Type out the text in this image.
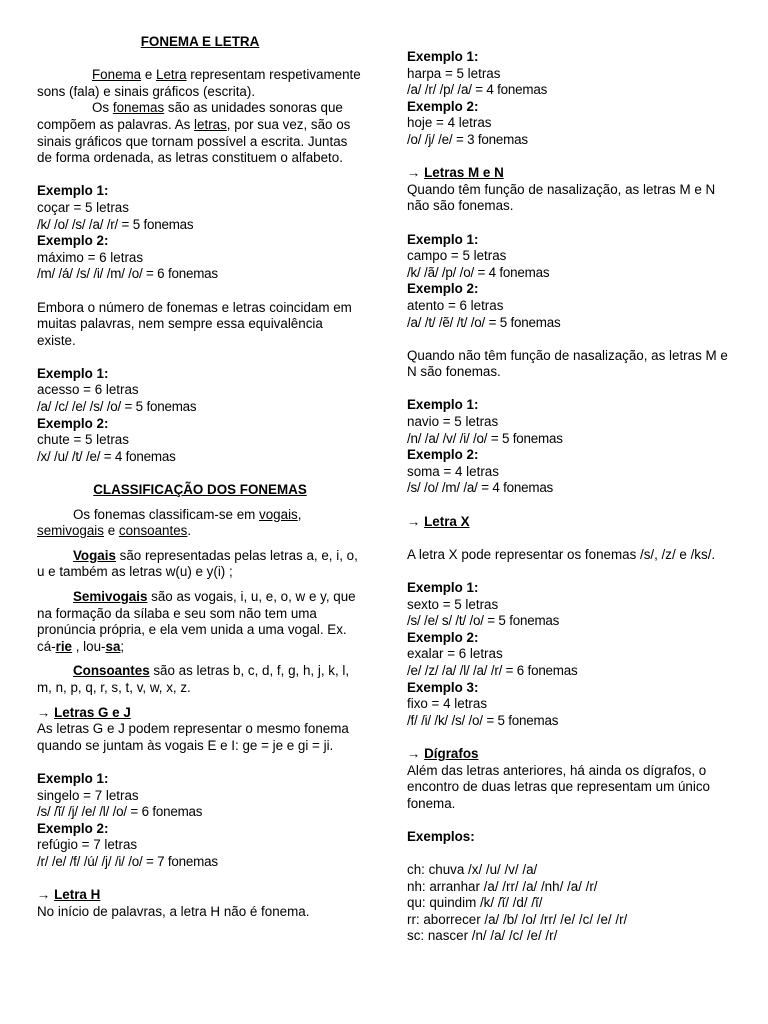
FONEMA E LETRA

Fonema e Letra representam respetivamente sons (fala) e sinais gráficos (escrita).

Os fonemas são as unidades sonoras que compõem as palavras. As letras, por sua vez, são os sinais gráficos que tornam possível a escrita. Juntas de forma ordenada, as letras constituem o alfabeto.

Exemplo 1:

coçar = 5 letras

/k/ /o/ /s/ /a/ /r/ = 5 fonemas

Exemplo 2:

máximo = 6 letras

/m/ /á/ /s/ /i/ /m/ /o/ = 6 fonemas

Embora o número de fonemas e letras coincidam em muitas palavras, nem sempre essa equivalência existe.

Exemplo 1:

acesso = 6 letras

/a/ /c/ /e/ /s/ /o/ = 5 fonemas

Exemplo 2:

chute = 5 letras

/x/ /u/ /t/ /e/ = 4 fonemas

CLASSIFICAÇÃO DOS FONEMAS

Os fonemas classificam-se em vogais, semivogais e consoantes.

Vogais são representadas pelas letras a, e, i, o, u e também as letras w(u) e y(i) ;

Semivogais são as vogais, i, u, e, o, w e y, que na formação da sílaba e seu som não tem uma pronúncia própria, e ela vem unida a uma vogal. Ex. cá-rie , lou-sa;

Consoantes são as letras b, c, d, f, g, h, j, k, l, m, n, p, q, r, s, t, v, w, x, z.

→ Letras G e J

As letras G e J podem representar o mesmo fonema quando se juntam às vogais E e I: ge = je e gi = ji.

Exemplo 1:

singelo = 7 letras

/s/ /ĩ/ /j/ /e/ /l/ /o/ = 6 fonemas

Exemplo 2:

refúgio = 7 letras

/r/ /e/ /f/ /ú/ /j/ /i/ /o/ = 7 fonemas

→ Letra H

No início de palavras, a letra H não é fonema.

Exemplo 1:

harpa = 5 letras

/a/ /r/ /p/ /a/ = 4 fonemas

Exemplo 2:

hoje = 4 letras

/o/ /j/ /e/ = 3 fonemas

→ Letras M e N

Quando têm função de nasalização, as letras M e N não são fonemas.

Exemplo 1:

campo = 5 letras

/k/ /ã/ /p/ /o/ = 4 fonemas

Exemplo 2:

atento = 6 letras

/a/ /t/ /ẽ/ /t/ /o/ = 5 fonemas

Quando não têm função de nasalização, as letras M e N são fonemas.

Exemplo 1:

navio = 5 letras

/n/ /a/ /v/ /i/ /o/ = 5 fonemas

Exemplo 2:

soma = 4 letras

/s/ /o/ /m/ /a/ = 4 fonemas

→ Letra X

A letra X pode representar os fonemas /s/, /z/ e /ks/.

Exemplo 1:

sexto = 5 letras

/s/ /e/ s/ /t/ /o/ = 5 fonemas

Exemplo 2:

exalar = 6 letras

/e/ /z/ /a/ /l/ /a/ /r/ = 6 fonemas

Exemplo 3:

fixo = 4 letras

/f/ /i/ /k/ /s/ /o/ = 5 fonemas

→ Dígrafos

Além das letras anteriores, há ainda os dígrafos, o encontro de duas letras que representam um único fonema.

Exemplos:

ch: chuva /x/ /u/ /v/ /a/

nh: arranhar /a/ /rr/ /a/ /nh/ /a/ /r/

qu: quindim /k/ /ĩ/ /d/ /ĩ/

rr: aborrecer /a/ /b/ /o/ /rr/ /e/ /c/ /e/ /r/

sc: nascer /n/ /a/ /c/ /e/ /r/
